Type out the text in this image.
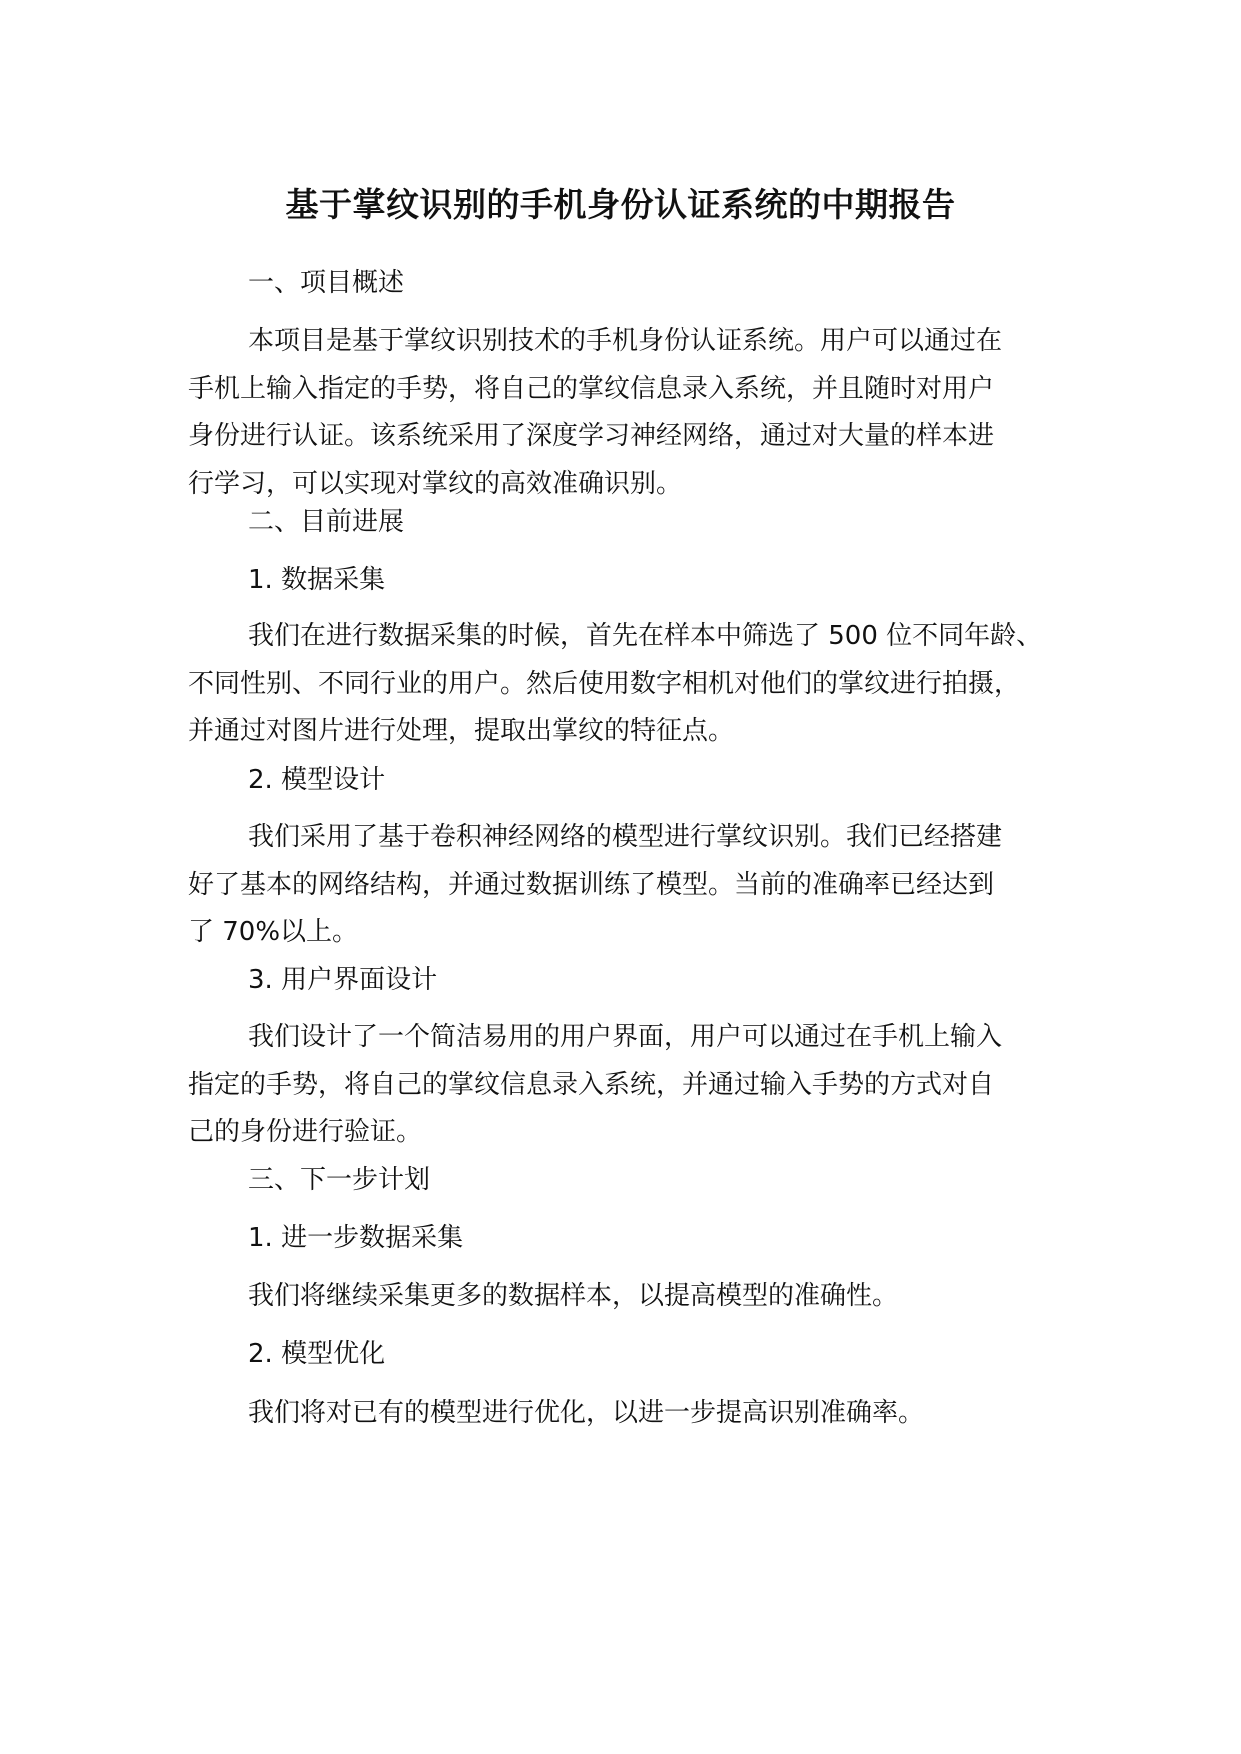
基于掌纹识别的手机身份认证系统的中期报告

一、项目概述

本项目是基于掌纹识别技术的手机身份认证系统。用户可以通过在
手机上输入指定的手势，将自己的掌纹信息录入系统，并且随时对用户
身份进行认证。该系统采用了深度学习神经网络，通过对大量的样本进
行学习，可以实现对掌纹的高效准确识别。

二、目前进展

1. 数据采集

我们在进行数据采集的时候，首先在样本中筛选了 500 位不同年龄、
不同性别、不同行业的用户。然后使用数字相机对他们的掌纹进行拍摄，
并通过对图片进行处理，提取出掌纹的特征点。

2. 模型设计

我们采用了基于卷积神经网络的模型进行掌纹识别。我们已经搭建
好了基本的网络结构，并通过数据训练了模型。当前的准确率已经达到
了 70%以上。

3. 用户界面设计

我们设计了一个简洁易用的用户界面，用户可以通过在手机上输入
指定的手势，将自己的掌纹信息录入系统，并通过输入手势的方式对自
己的身份进行验证。

三、下一步计划

1. 进一步数据采集

我们将继续采集更多的数据样本，以提高模型的准确性。

2. 模型优化

我们将对已有的模型进行优化，以进一步提高识别准确率。
